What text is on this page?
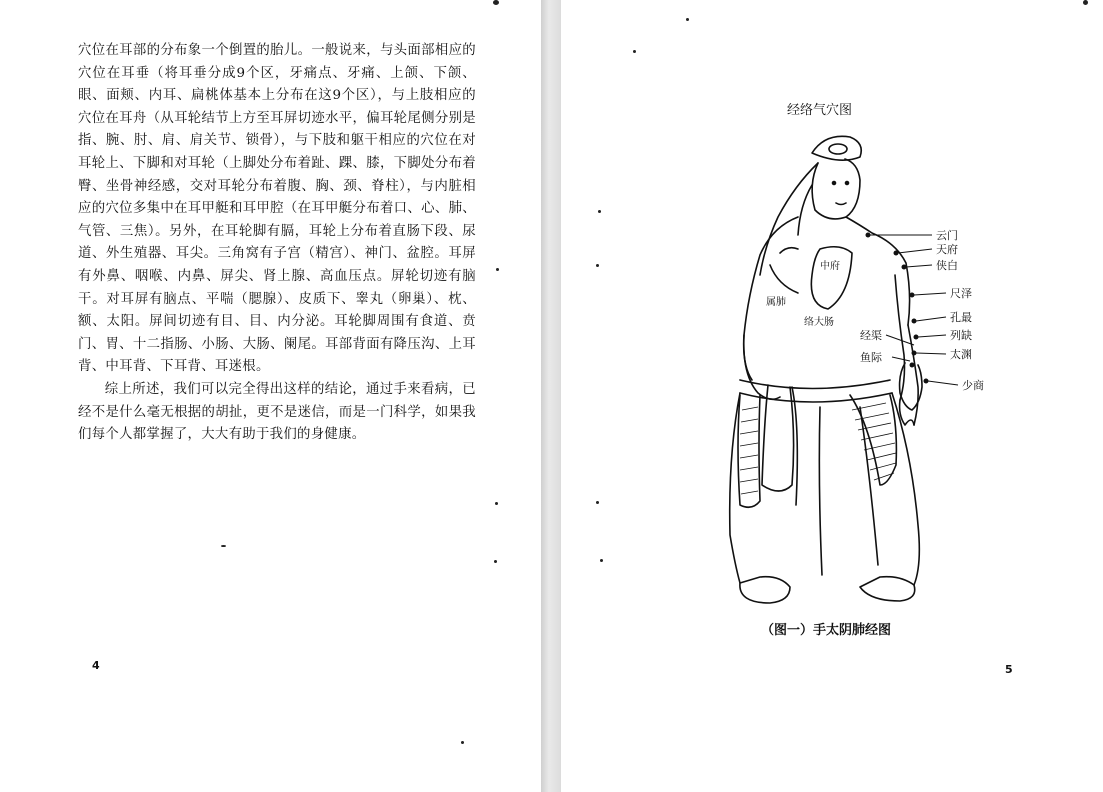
穴位在耳部的分布象一个倒置的胎儿。一般说来，与头面部相应的穴位在耳垂（将耳垂分成9个区，牙痛点、牙痛、上颌、下颌、眼、面颊、内耳、扁桃体基本上分布在这9个区），与上肢相应的穴位在耳舟（从耳轮结节上方至耳屏切迹水平，偏耳轮尾侧分别是指、腕、肘、肩、肩关节、锁骨），与下肢和躯干相应的穴位在对耳轮上、下脚和对耳轮（上脚处分布着趾、踝、膝，下脚处分布着臀、坐骨神经感，交对耳轮分布着腹、胸、颈、脊柱），与内脏相应的穴位多集中在耳甲艇和耳甲腔（在耳甲艇分布着口、心、肺、气管、三焦）。另外，在耳轮脚有膈，耳轮上分布着直肠下段、尿道、外生殖器、耳尖。三角窝有子宫（精宫）、神门、盆腔。耳屏有外鼻、咽喉、内鼻、屏尖、肾上腺、高血压点。屏轮切迹有脑干。对耳屏有脑点、平喘（腮腺）、皮质下、睾丸（卵巢）、枕、额、太阳。屏间切迹有目、目、内分泌。耳轮脚周围有食道、贲门、胃、十二指肠、小肠、大肠、阑尾。耳部背面有降压沟、上耳背、中耳背、下耳背、耳迷根。

综上所述，我们可以完全得出这样的结论，通过手来看病，已经不是什么毫无根据的胡扯，更不是迷信，而是一门科学，如果我们每个人都掌握了，大大有助于我们的身健康。

4
经络气穴图
云门
天府
侠白
尺泽
孔最
列缺
太渊
少商
经渠
鱼际
中府
属肺
络大肠
（图一）手太阴肺经图
5
